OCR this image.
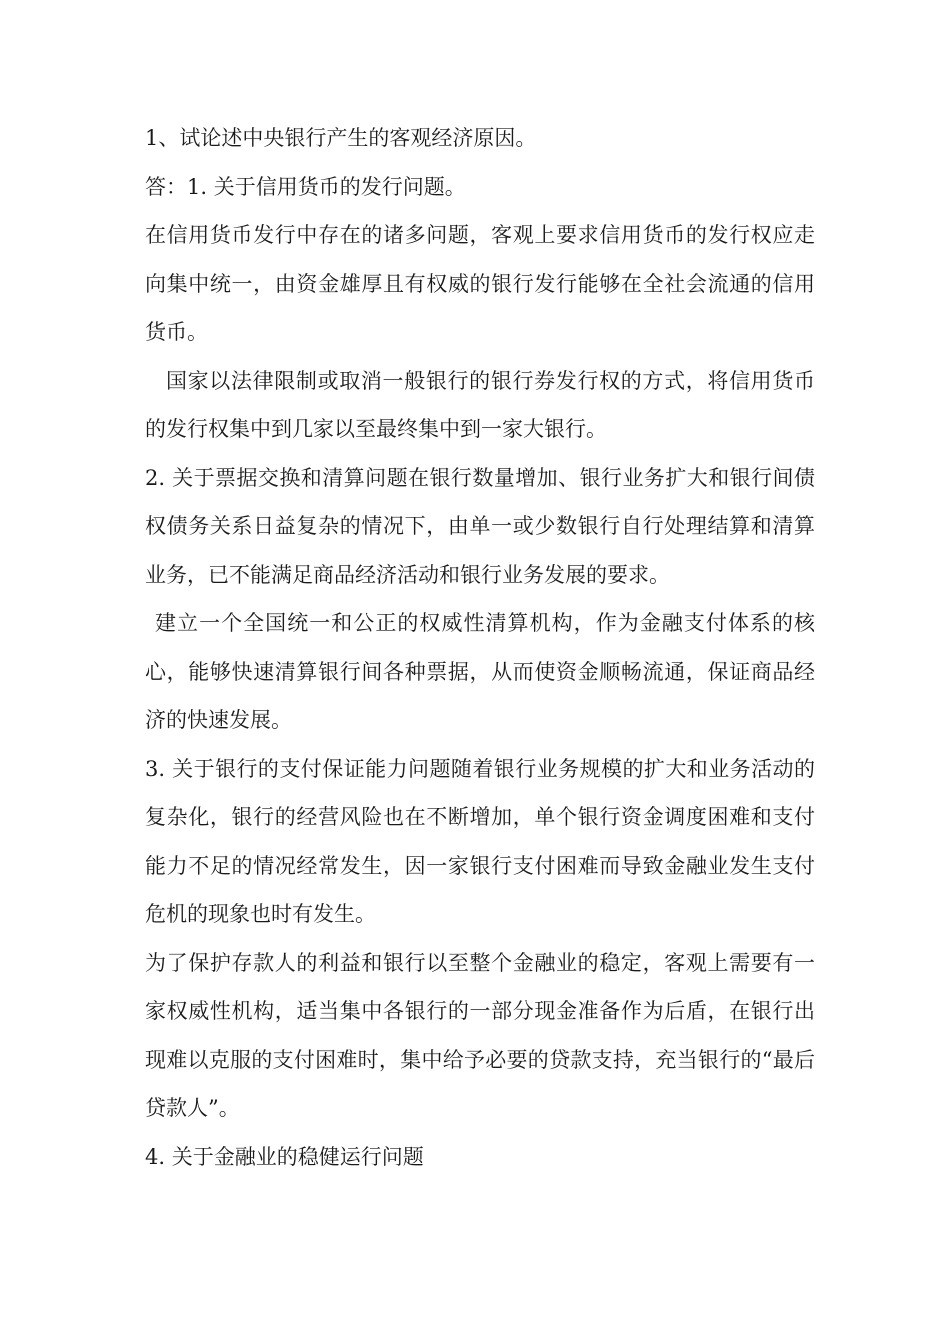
1、试论述中央银行产生的客观经济原因。

答：1. 关于信用货币的发行问题。

在信用货币发行中存在的诸多问题，客观上要求信用货币的发行权应走向集中统一，由资金雄厚且有权威的银行发行能够在全社会流通的信用货币。

国家以法律限制或取消一般银行的银行券发行权的方式，将信用货币的发行权集中到几家以至最终集中到一家大银行。

2. 关于票据交换和清算问题在银行数量增加、银行业务扩大和银行间债权债务关系日益复杂的情况下，由单一或少数银行自行处理结算和清算业务，已不能满足商品经济活动和银行业务发展的要求。

建立一个全国统一和公正的权威性清算机构，作为金融支付体系的核心，能够快速清算银行间各种票据，从而使资金顺畅流通，保证商品经济的快速发展。

3. 关于银行的支付保证能力问题随着银行业务规模的扩大和业务活动的复杂化，银行的经营风险也在不断增加，单个银行资金调度困难和支付能力不足的情况经常发生，因一家银行支付困难而导致金融业发生支付危机的现象也时有发生。

为了保护存款人的利益和银行以至整个金融业的稳定，客观上需要有一家权威性机构，适当集中各银行的一部分现金准备作为后盾，在银行出现难以克服的支付困难时，集中给予必要的贷款支持，充当银行的“最后贷款人”。

4. 关于金融业的稳健运行问题
